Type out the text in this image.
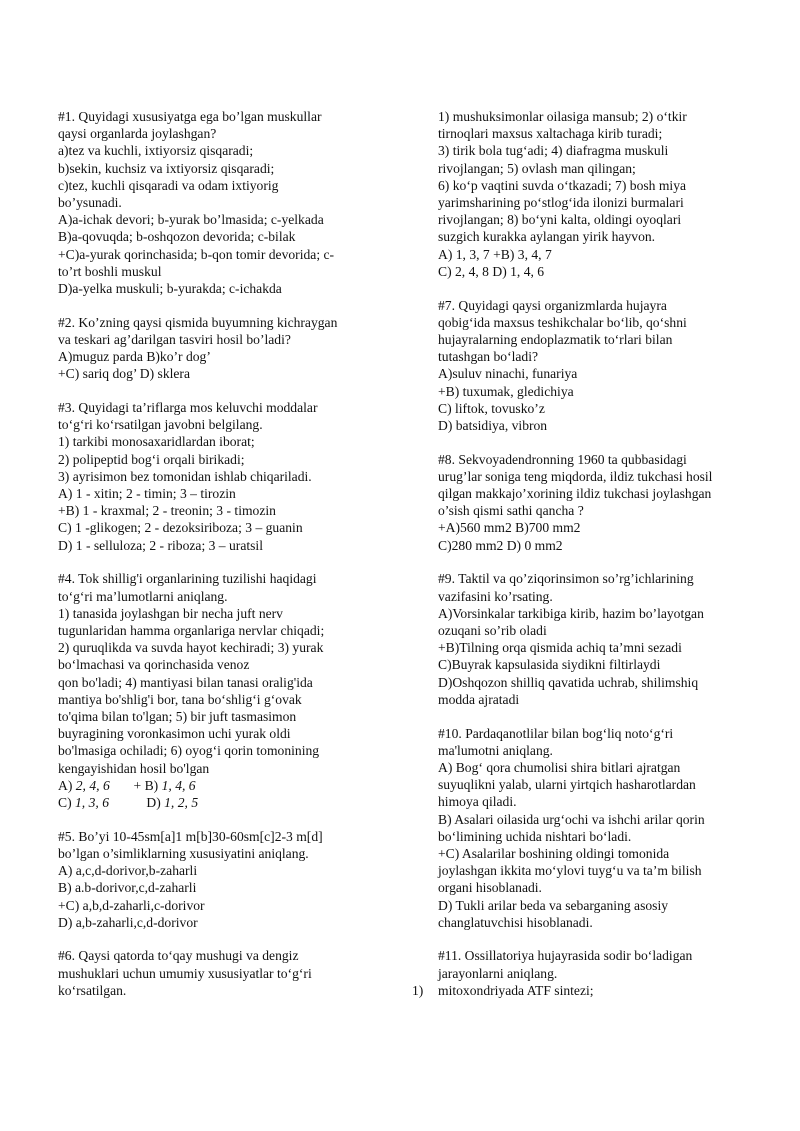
#1. Quyidagi xususiyatga ega bo’lgan muskullar
qaysi organlarda joylashgan?
a)tez va kuchli, ixtiyorsiz qisqaradi;
b)sekin, kuchsiz va ixtiyorsiz qisqaradi;
c)tez, kuchli qisqaradi va odam ixtiyorig
bo’ysunadi.
A)a-ichak devori; b-yurak bo’lmasida; c-yelkada
B)a-qovuqda; b-oshqozon devorida; c-bilak
+C)a-yurak qorinchasida; b-qon tomir devorida; c-
to’rt boshli muskul
D)a-yelka muskuli; b-yurakda; c-ichakda
#2. Ko’zning qaysi qismida buyumning kichraygan
va teskari ag’darilgan tasviri hosil bo’ladi?
A)muguz parda B)ko’r dog’
+C) sariq dog’ D) sklera
#3. Quyidagi ta’riflarga mos keluvchi moddalar
to‘g‘ri ko‘rsatilgan javobni belgilang.
1) tarkibi monosaxaridlardan iborat;
2) polipeptid bog‘i orqali birikadi;
3) ayrisimon bez tomonidan ishlab chiqariladi.
A) 1 - xitin; 2 - timin; 3 – tirozin
+B) 1 - kraxmal; 2 - treonin; 3 - timozin
C) 1 -glikogen; 2 - dezoksiriboza; 3 – guanin
D) 1 - selluloza; 2 - riboza; 3 – uratsil
#4. Tok shillig'i organlarining tuzilishi haqidagi
to‘g‘ri ma’lumotlarni aniqlang.
1) tanasida joylashgan bir necha juft nerv
tugunlaridan hamma organlariga nervlar chiqadi;
2) quruqlikda va suvda hayot kechiradi; 3) yurak
bo‘lmachasi va qorinchasida venoz
qon bo'ladi; 4) mantiyasi bilan tanasi oralig'ida
mantiya bo'shlig'i bor, tana bo‘shlig‘i g‘ovak
to'qima bilan to'lgan; 5) bir juft tasmasimon
buyragining voronkasimon uchi yurak oldi
bo'lmasiga ochiladi; 6) oyog‘i qorin tomonining
kengayishidan hosil bo'lgan
A) 2, 4, 6 + B) 1, 4, 6
C) 1, 3, 6	D) 1, 2, 5
#5. Bo’yi 10-45sm[a]1 m[b]30-60sm[c]2-3 m[d]
bo’lgan o’simliklarning xususiyatini aniqlang.
A) a,c,d-dorivor,b-zaharli
B) a.b-dorivor,c,d-zaharli
+C) a,b,d-zaharli,c-dorivor
D) a,b-zaharli,c,d-dorivor
#6. Qaysi qatorda to‘qay mushugi va dengiz
mushuklari uchun umumiy xususiyatlar to‘g‘ri
ko‘rsatilgan.
1) mushuksimonlar oilasiga mansub; 2) o‘tkir
tirnoqlari maxsus xaltachaga kirib turadi;
3) tirik bola tug‘adi; 4) diafragma muskuli
rivojlangan; 5) ovlash man qilingan;
6) ko‘p vaqtini suvda o‘tkazadi; 7) bosh miya
yarimsharining po‘stlog‘ida ilonizi burmalari
rivojlangan; 8) bo‘yni kalta, oldingi oyoqlari
suzgich kurakka aylangan yirik hayvon.
A) 1, 3, 7 +B) 3, 4, 7
C) 2, 4, 8 D) 1, 4, 6
#7. Quyidagi qaysi organizmlarda hujayra
qobig‘ida maxsus teshikchalar bo‘lib, qo‘shni
hujayralarning endoplazmatik to‘rlari bilan
tutashgan bo‘ladi?
A)suluv ninachi, funariya
+B) tuxumak, gledichiya
C) liftok, tovusko’z
D) batsidiya, vibron
#8. Sekvoyadendronning 1960 ta qubbasidagi
urug’lar soniga teng miqdorda, ildiz tukchasi hosil
qilgan makkajo’xorining ildiz tukchasi joylashgan
o’sish qismi sathi qancha ?
+A)560 mm2 B)700 mm2
C)280 mm2 D) 0 mm2
#9. Taktil va qo’ziqorinsimon so’rg’ichlarining
vazifasini ko’rsating.
A)Vorsinkalar tarkibiga kirib, hazim bo’layotgan
ozuqani so’rib oladi
+B)Tilning orqa qismida achiq ta’mni sezadi
C)Buyrak kapsulasida siydikni filtirlaydi
D)Oshqozon shilliq qavatida uchrab, shilimshiq
modda ajratadi
#10. Pardaqanotlilar bilan bog‘liq noto‘g‘ri
ma'lumotni aniqlang.
A) Bog‘ qora chumolisi shira bitlari ajratgan
suyuqlikni yalab, ularni yirtqich hasharotlardan
himoya qiladi.
B) Asalari oilasida urg‘ochi va ishchi arilar qorin
bo‘limining uchida nishtari bo‘ladi.
+C) Asalarilar boshining oldingi tomonida
joylashgan ikkita mo‘ylovi tuyg‘u va ta’m bilish
organi hisoblanadi.
D) Tukli arilar beda va sebarganing asosiy
changlatuvchisi hisoblanadi.
#11. Ossillatoriya hujayrasida sodir bo‘ladigan
jarayonlarni aniqlang.
1) mitoxondriyada ATF sintezi;
